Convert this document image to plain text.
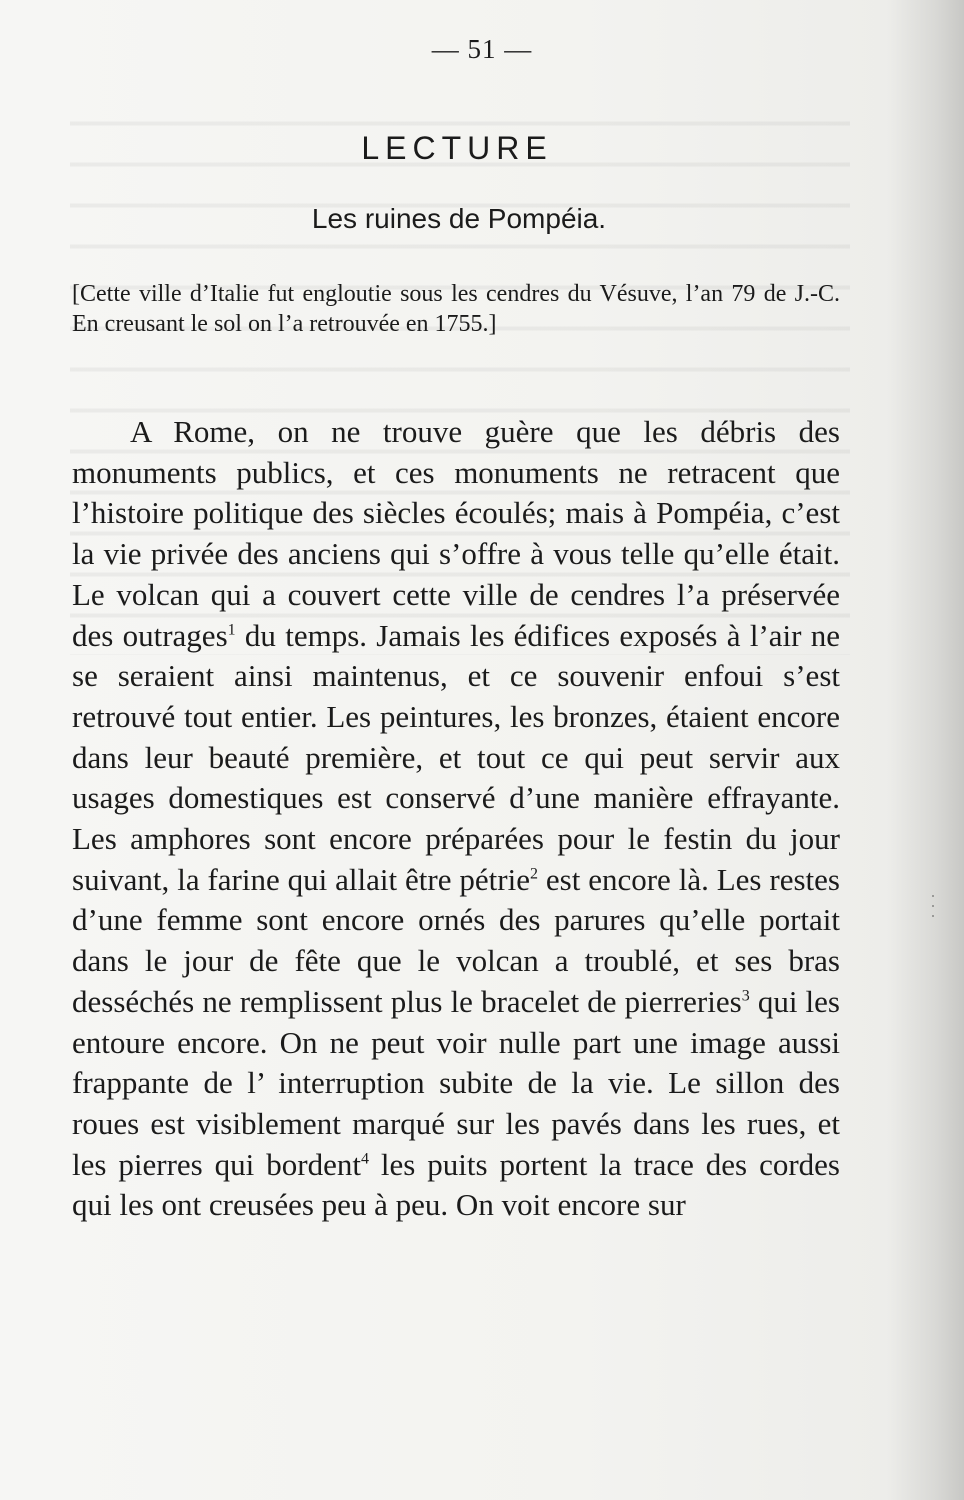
— 51 —
LECTURE
Les ruines de Pompéia.
[Cette ville d’Italie fut engloutie sous les cendres du Vésuve, l’an 79 de J.-C. En creusant le sol on l’a retrouvée en 1755.]

A Rome, on ne trouve guère que les débris des monuments publics, et ces monuments ne retracent que l’histoire politique des siècles écoulés; mais à Pompéia, c’est la vie privée des anciens qui s’offre à vous telle qu’elle était. Le volcan qui a couvert cette ville de cendres l’a préservée des outrages$^1$ du temps. Jamais les édifices exposés à l’air ne se seraient ainsi maintenus, et ce souvenir enfoui s’est retrouvé tout entier. Les peintures, les bronzes, étaient encore dans leur beauté première, et tout ce qui peut servir aux usages domestiques est conservé d’une manière effrayante. Les amphores sont encore préparées pour le festin du jour suivant, la farine qui allait être pétrie$^2$ est encore là. Les restes d’une femme sont encore ornés des parures qu’elle portait dans le jour de fête que le volcan a troublé, et ses bras desséchés ne remplissent plus le bracelet de pierreries$^3$ qui les entoure encore. On ne peut voir nulle part une image aussi frappante de l’ interruption subite de la vie. Le sillon des roues est visiblement marqué sur les pavés dans les rues, et les pierres qui bordent$^4$ les puits portent la trace des cordes qui les ont creusées peu à peu. On voit encore sur
